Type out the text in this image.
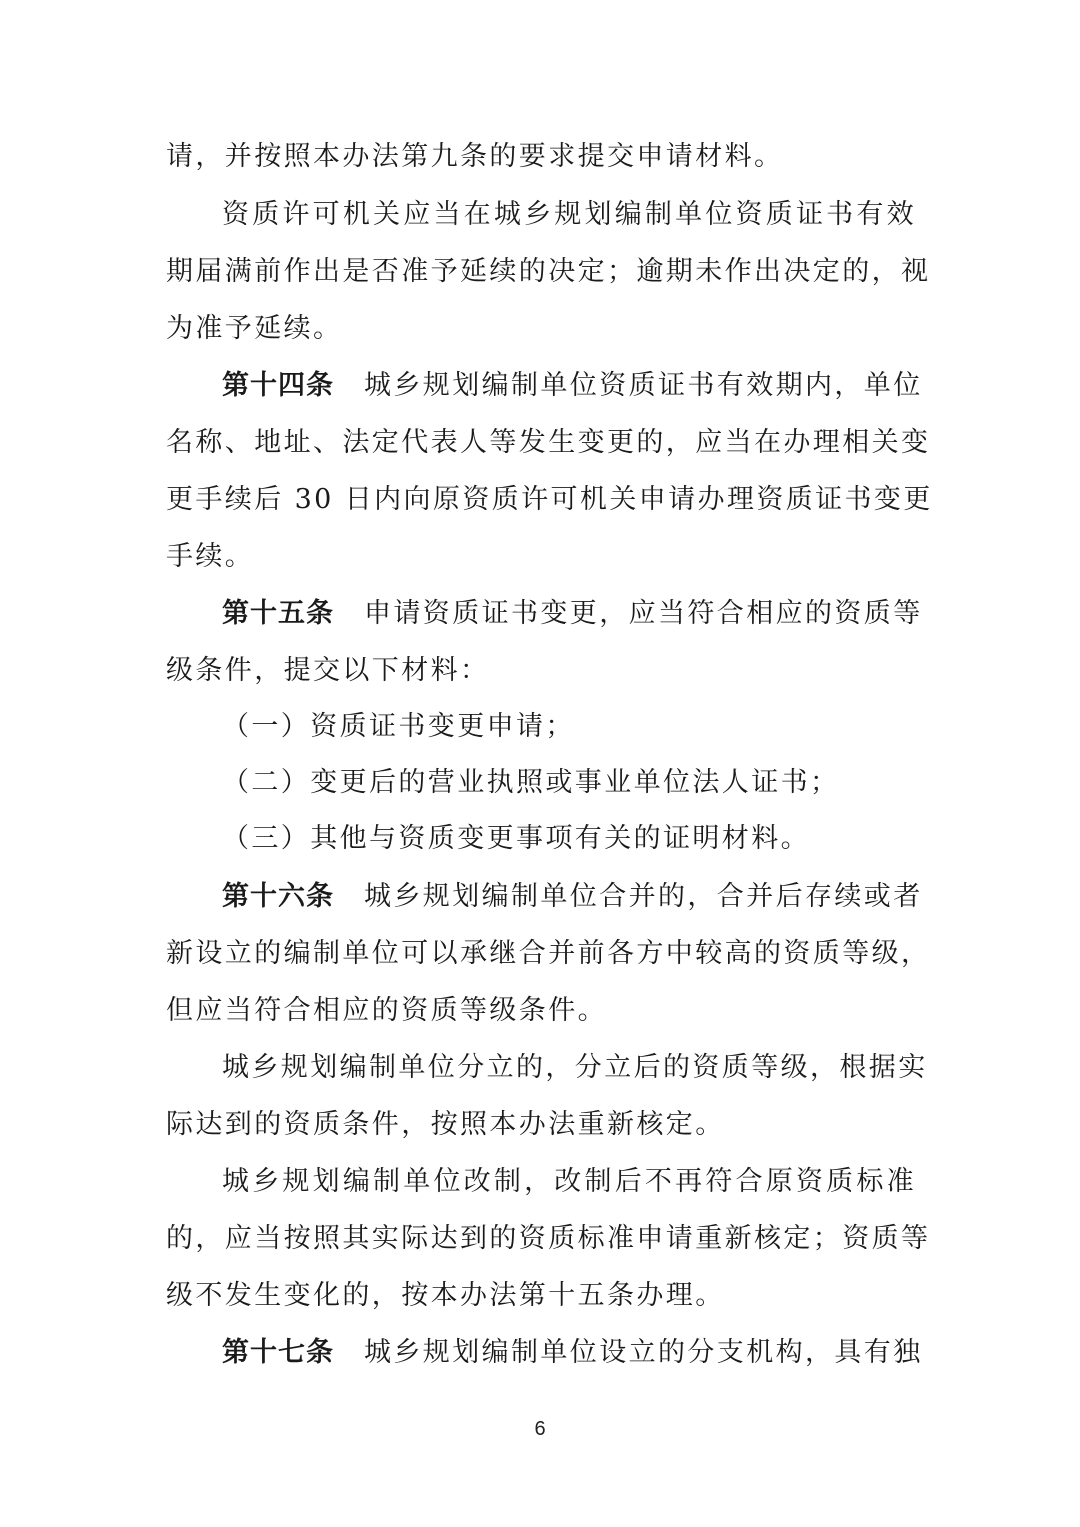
请，并按照本办法第九条的要求提交申请材料。
资质许可机关应当在城乡规划编制单位资质证书有效
期届满前作出是否准予延续的决定；逾期未作出决定的，视
为准予延续。
第十四条 城乡规划编制单位资质证书有效期内，单位
名称、地址、法定代表人等发生变更的，应当在办理相关变
更手续后 30 日内向原资质许可机关申请办理资质证书变更
手续。
第十五条 申请资质证书变更，应当符合相应的资质等
级条件，提交以下材料：
（一）资质证书变更申请；
（二）变更后的营业执照或事业单位法人证书；
（三）其他与资质变更事项有关的证明材料。
第十六条 城乡规划编制单位合并的，合并后存续或者
新设立的编制单位可以承继合并前各方中较高的资质等级，
但应当符合相应的资质等级条件。
城乡规划编制单位分立的，分立后的资质等级，根据实
际达到的资质条件，按照本办法重新核定。
城乡规划编制单位改制，改制后不再符合原资质标准
的，应当按照其实际达到的资质标准申请重新核定；资质等
级不发生变化的，按本办法第十五条办理。
第十七条 城乡规划编制单位设立的分支机构，具有独
6
